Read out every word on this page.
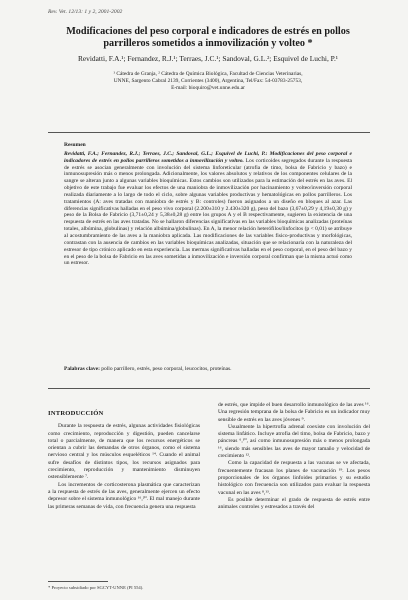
Rev. Vet. 12/13: 1 y 2, 2001-2002
Modificaciones del peso corporal e indicadores de estrés en pollos parrilleros sometidos a inmovilización y volteo *
Revidatti, F.A.¹; Fernandez, R.J.¹; Terraes, J.C.¹; Sandoval, G.L.²; Esquivel de Luchi, P.¹
¹ Cátedra de Granja, ² Cátedra de Química Biológica, Facultad de Ciencias Veterinarias,
UNNE, Sargento Cabral 2139, Corrientes (3400), Argentina, Tel/Fax: 54-03783-25753,
E-mail: bioquiro@vet.unne.edu.ar
Resumen
Revidatti, F.A.; Fernandez, R.J.; Terraes, J.C.; Sandoval, G.L.; Esquivel de Luchi, P.: Modificaciones del peso corporal e indicadores de estrés en pollos parrilleros sometidos a inmovilización y volteo. Los corticoides segregados durante la respuesta de estrés se asocian generalmente con involución del sistema linforeticular (atrofia de timo, bolsa de Fabricio y bazo) e inmunosupresión más o menos prolongada. Adicionalmente, los valores absolutos y relativos de los componentes celulares de la sangre se alteran junto a algunas variables bioquímicas. Estos cambios son utilizados para la estimación del estrés en las aves. El objetivo de este trabajo fue evaluar los efectos de una maniobra de inmovilización por hacinamiento y volteo/inversión corporal realizada diariamente a lo largo de todo el ciclo, sobre algunas variables productivas y hematológicas en pollos parrilleros. Los tratamientos (A: aves tratadas con maniobra de estrés y B: controles) fueron asignados a un diseño en bloques al azar. Las diferencias significativas halladas en el peso vivo corporal (2.200±310 y 2.430±320 g), peso del bazo (3,67±0,29 y 4,19±0,30 g) y peso de la Bolsa de Fabricio (3,71±0,24 y 5,38±0,28 g) entre los grupos A y el B respectivamente, sugieren la existencia de una respuesta de estrés en las aves tratadas. No se hallaron diferencias significativas en las variables bioquímicas analizadas (proteínas totales, albúmina, globulinas) y relación albúmina/globulinas). En A, la menor relación heterófilos/linfocitos (p < 0,01) se atribuye al acostumbramiento de las aves a la maniobra aplicada. Las modificaciones de las variables fisico-productivas y morfológicas, contrastan con la ausencia de cambios en las variables bioquímicas analizadas, situación que se relacionaría con la naturaleza del estresor de tipo crónico aplicado en esta experiencia. Las mermas significativas halladas en el peso corporal, en el peso del bazo y en el peso de la bolsa de Fabricio en las aves sometidas a inmovilización e inversión corporal confirman que la misma actuó como un estresor.
Palabras clave: pollo parrillero, estrés, peso corporal, leucocitos, proteínas.
INTRODUCCIÓN

Durante la respuesta de estrés, algunas actividades fisiológicas como crecimiento, reproducción y digestión, pueden cancelarse total o parcialmente, de manera que los recursos energéticos se orientan a cubrir las demandas de otros órganos, como el sistema nervioso central y los músculos esqueléticos ¹⁴. Cuando el animal sufre desafíos de distintos tipos, los recursos asignados para crecimiento, reproducción y mantenimiento disminuyen ostensiblemente ⁷.

Los incrementos de corticosterona plasmática que caracterizan a la respuesta de estrés de las aves, generalmente ejercen un efecto depresor sobre el sistema inmunológico ¹⁶,²⁰. El mal manejo durante las primeras semanas de vida, con frecuencia genera una respuesta

de estrés, que impide el buen desarrollo inmunológico de las aves ¹⁶. Una regresión temprana de la bolsa de Fabricio es un indicador muy sensible de estrés en las aves jóvenes ⁹.

Usualmente la hipertrofia adrenal coexiste con involución del sistema linfático. Incluye atrofia del timo, bolsa de Fabricio, bazo y páncreas ⁶,¹⁰, así como inmunosupresión más o menos prolongada ¹⁶, siendo más sensibles las aves de mayor tamaño y velocidad de crecimiento ¹².

Como la capacidad de respuesta a las vacunas se ve afectada, frecuentemente fracasan los planes de vacunación ¹⁹. Los pesos proporcionales de los órganos linfoides primarios y su estudio histológico con frecuencia son utilizados para evaluar la respuesta vacunal en las aves ⁸,¹³.

Es posible determinar el grado de respuesta de estrés entre animales controles y estresados a través del

* Proyecto subsidiado por SGCYT-UNNE (PI 554).
